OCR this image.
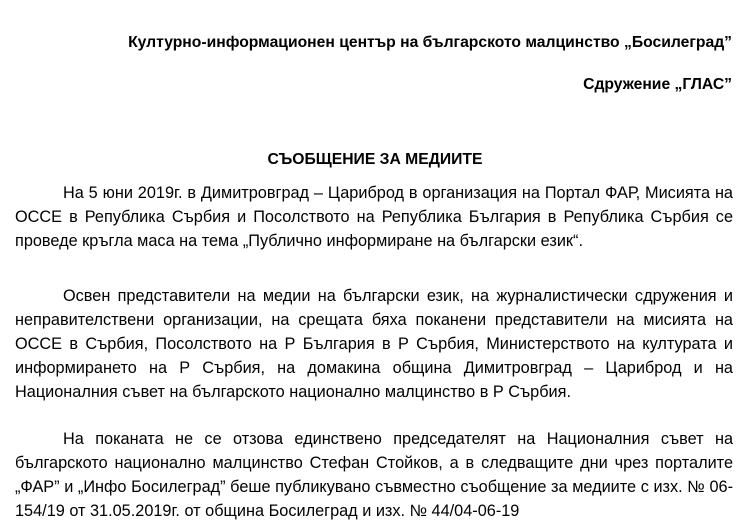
Културно-информационен център на българското малцинство „Босилеград”
Сдружение „ГЛАС”
СЪОБЩЕНИЕ ЗА МЕДИИТЕ

На 5 юни 2019г. в Димитровград – Цариброд в организация на Портал ФАР, Мисията на ОССЕ в Република Сърбия и Посолството на Република България в Република Сърбия се проведе кръгла маса на тема „Публично информиране на български език“.

Освен представители на медии на български език, на журналистически сдружения и неправителствени организации, на срещата бяха поканени представители на мисията на ОССЕ в Сърбия, Посолството на Р България в Р Сърбия, Министерството на културата и информирането на Р Сърбия, на домакина община Димитровград – Цариброд и на Националния съвет на българското национално малцинство в Р Сърбия.

На поканата не се отзова единствено председателят на Националния съвет на българското национално малцинство Стефан Стойков, а в следващите дни чрез порталите „ФАР” и „Инфо Босилеград” беше публикувано съвместно съобщение за медиите с изх. № 06-154/19 от 31.05.2019г. от община Босилеград и изх. № 44/04-06-19
